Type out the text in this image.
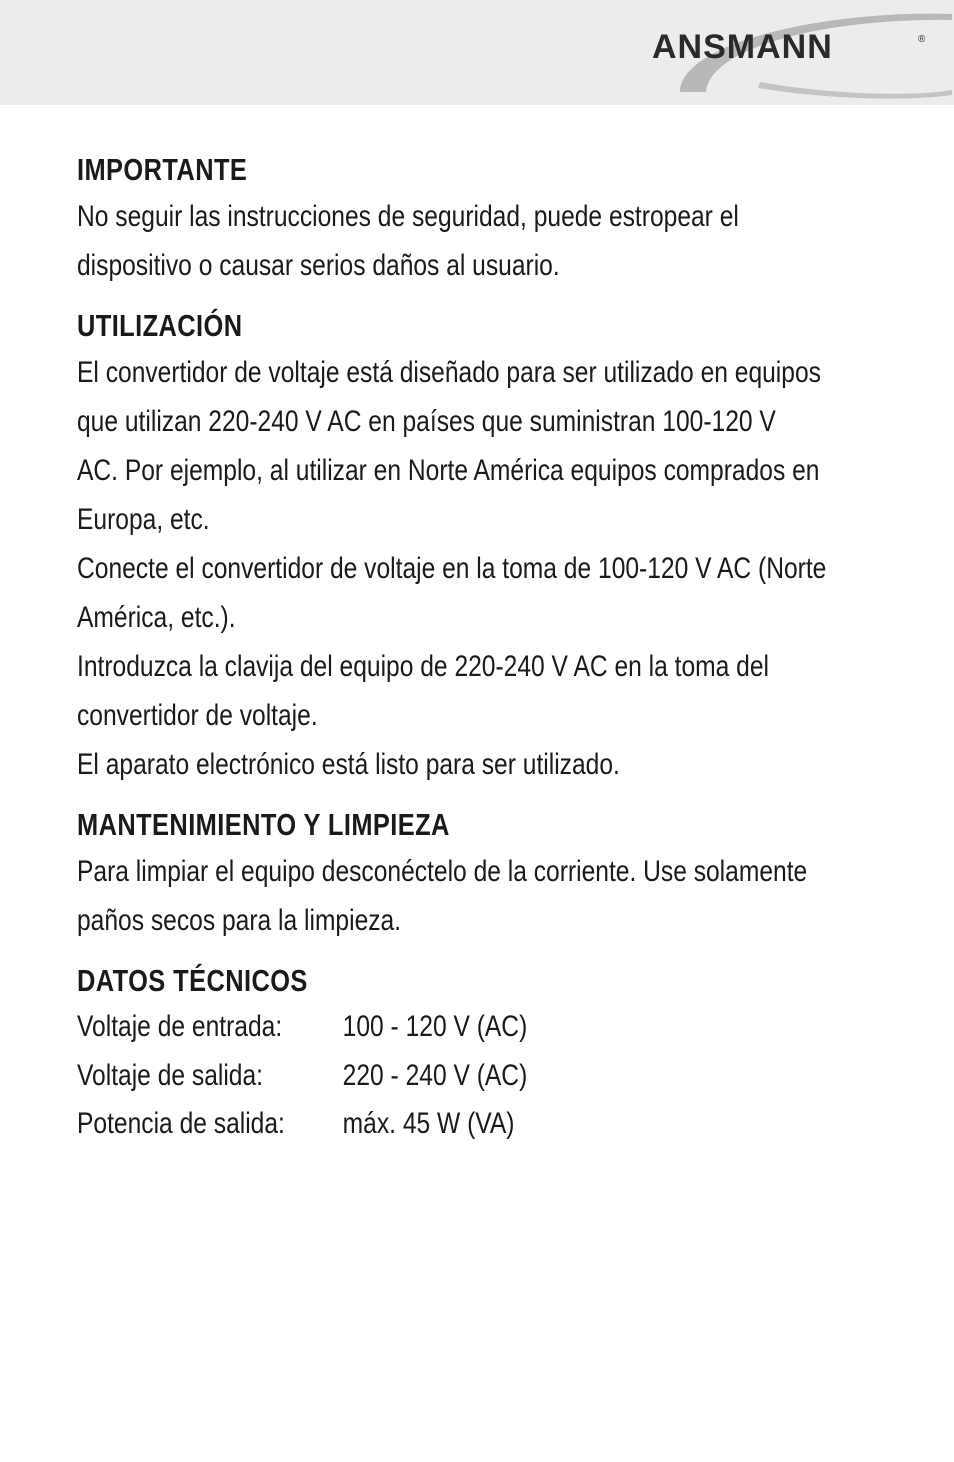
ANSMANN	®
IMPORTANTE

No seguir las instrucciones de seguridad, puede estropear el

dispositivo o causar serios daños al usuario.

UTILIZACIÓN

El convertidor de voltaje está diseñado para ser utilizado en equipos

que utilizan 220-240 V AC en países que suministran 100-120 V

AC. Por ejemplo, al utilizar en Norte América equipos comprados en

Europa, etc.

Conecte el convertidor de voltaje en la toma de 100-120 V AC (Norte

América, etc.).

Introduzca la clavija del equipo de 220-240 V AC en la toma del

convertidor de voltaje.

El aparato electrónico está listo para ser utilizado.

MANTENIMIENTO Y LIMPIEZA

Para limpiar el equipo desconéctelo de la corriente. Use solamente

paños secos para la limpieza.

DATOS TÉCNICOS
Voltaje de entrada:	100 - 120 V (AC)
Voltaje de salida:	220 - 240 V (AC)
Potencia de salida:	máx. 45 W (VA)
